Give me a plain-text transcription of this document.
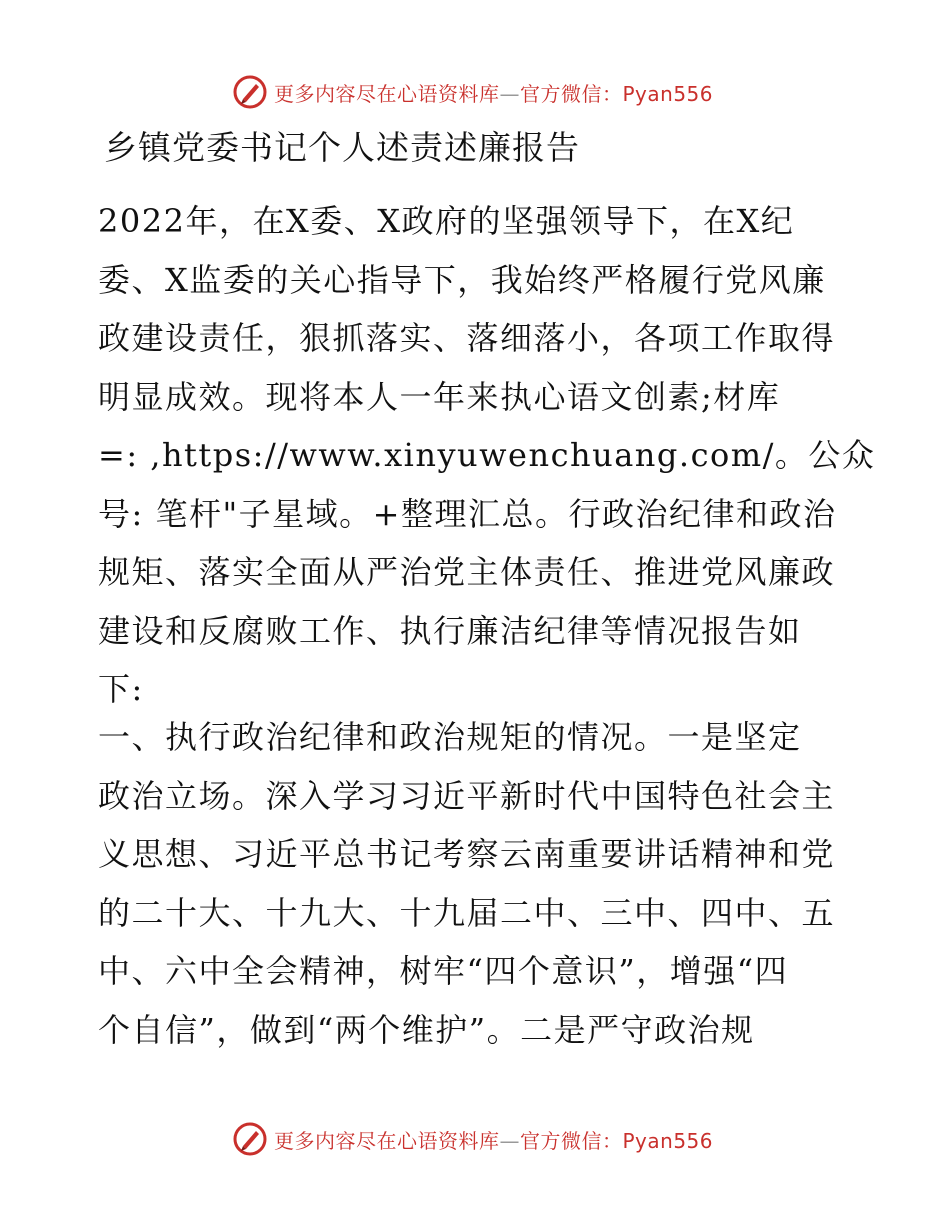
更多内容尽在心语资料库—官方微信：Pyan556
乡镇党委书记个人述责述廉报告

2022年，在X委、X政府的坚强领导下，在X纪
委、X监委的关心指导下，我始终严格履行党风廉
政建设责任，狠抓落实、落细落小，各项工作取得
明显成效。现将本人一年来执心语文创素;材库
=: ,https://www.xinyuwenchuang.com/。公众
号: 笔杆"子星域。+整理汇总。行政治纪律和政治
规矩、落实全面从严治党主体责任、推进党风廉政
建设和反腐败工作、执行廉洁纪律等情况报告如
下:

一、执行政治纪律和政治规矩的情况。一是坚定
政治立场。深入学习习近平新时代中国特色社会主
义思想、习近平总书记考察云南重要讲话精神和党
的二十大、十九大、十九届二中、三中、四中、五
中、六中全会精神，树牢“四个意识”，增强“四
个自信”，做到“两个维护”。二是严守政治规

更多内容尽在心语资料库—官方微信：Pyan556
